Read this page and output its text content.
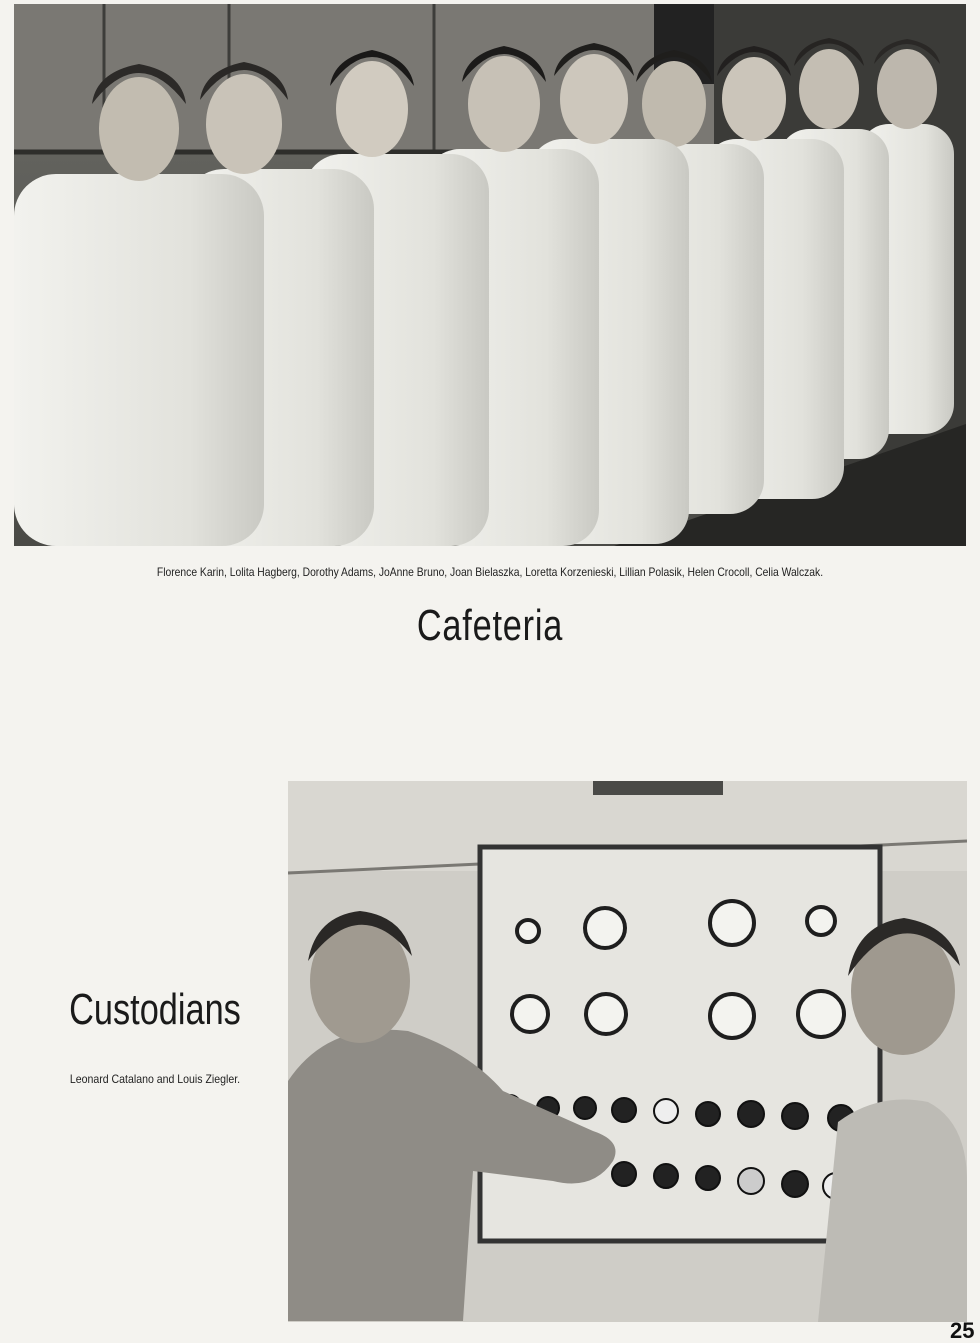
Florence Karin, Lolita Hagberg, Dorothy Adams, JoAnne Bruno, Joan Bielaszka, Loretta Korzenieski, Lillian Polasik, Helen Crocoll, Celia Walczak.
Cafeteria
Custodians
Leonard Catalano and Louis Ziegler.
25
